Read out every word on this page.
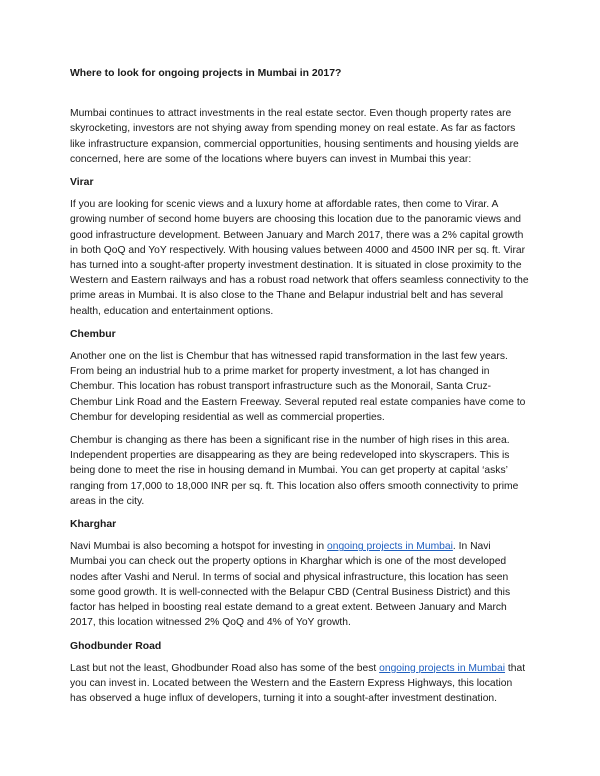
Where to look for ongoing projects in Mumbai in 2017?

Mumbai continues to attract investments in the real estate sector. Even though property rates are skyrocketing, investors are not shying away from spending money on real estate. As far as factors like infrastructure expansion, commercial opportunities, housing sentiments and housing yields are concerned, here are some of the locations where buyers can invest in Mumbai this year:

Virar

If you are looking for scenic views and a luxury home at affordable rates, then come to Virar. A growing number of second home buyers are choosing this location due to the panoramic views and good infrastructure development. Between January and March 2017, there was a 2% capital growth in both QoQ and YoY respectively. With housing values between 4000 and 4500 INR per sq. ft. Virar has turned into a sought-after property investment destination. It is situated in close proximity to the Western and Eastern railways and has a robust road network that offers seamless connectivity to the prime areas in Mumbai. It is also close to the Thane and Belapur industrial belt and has several health, education and entertainment options.

Chembur

Another one on the list is Chembur that has witnessed rapid transformation in the last few years. From being an industrial hub to a prime market for property investment, a lot has changed in Chembur. This location has robust transport infrastructure such as the Monorail, Santa Cruz-Chembur Link Road and the Eastern Freeway. Several reputed real estate companies have come to Chembur for developing residential as well as commercial properties.

Chembur is changing as there has been a significant rise in the number of high rises in this area. Independent properties are disappearing as they are being redeveloped into skyscrapers. This is being done to meet the rise in housing demand in Mumbai. You can get property at capital ‘asks’ ranging from 17,000 to 18,000 INR per sq. ft. This location also offers smooth connectivity to prime areas in the city.

Kharghar

Navi Mumbai is also becoming a hotspot for investing in ongoing projects in Mumbai. In Navi Mumbai you can check out the property options in Kharghar which is one of the most developed nodes after Vashi and Nerul. In terms of social and physical infrastructure, this location has seen some good growth. It is well-connected with the Belapur CBD (Central Business District) and this factor has helped in boosting real estate demand to a great extent. Between January and March 2017, this location witnessed 2% QoQ and 4% of YoY growth.

Ghodbunder Road

Last but not the least, Ghodbunder Road also has some of the best ongoing projects in Mumbai that you can invest in. Located between the Western and the Eastern Express Highways, this location has observed a huge influx of developers, turning it into a sought-after investment destination.
